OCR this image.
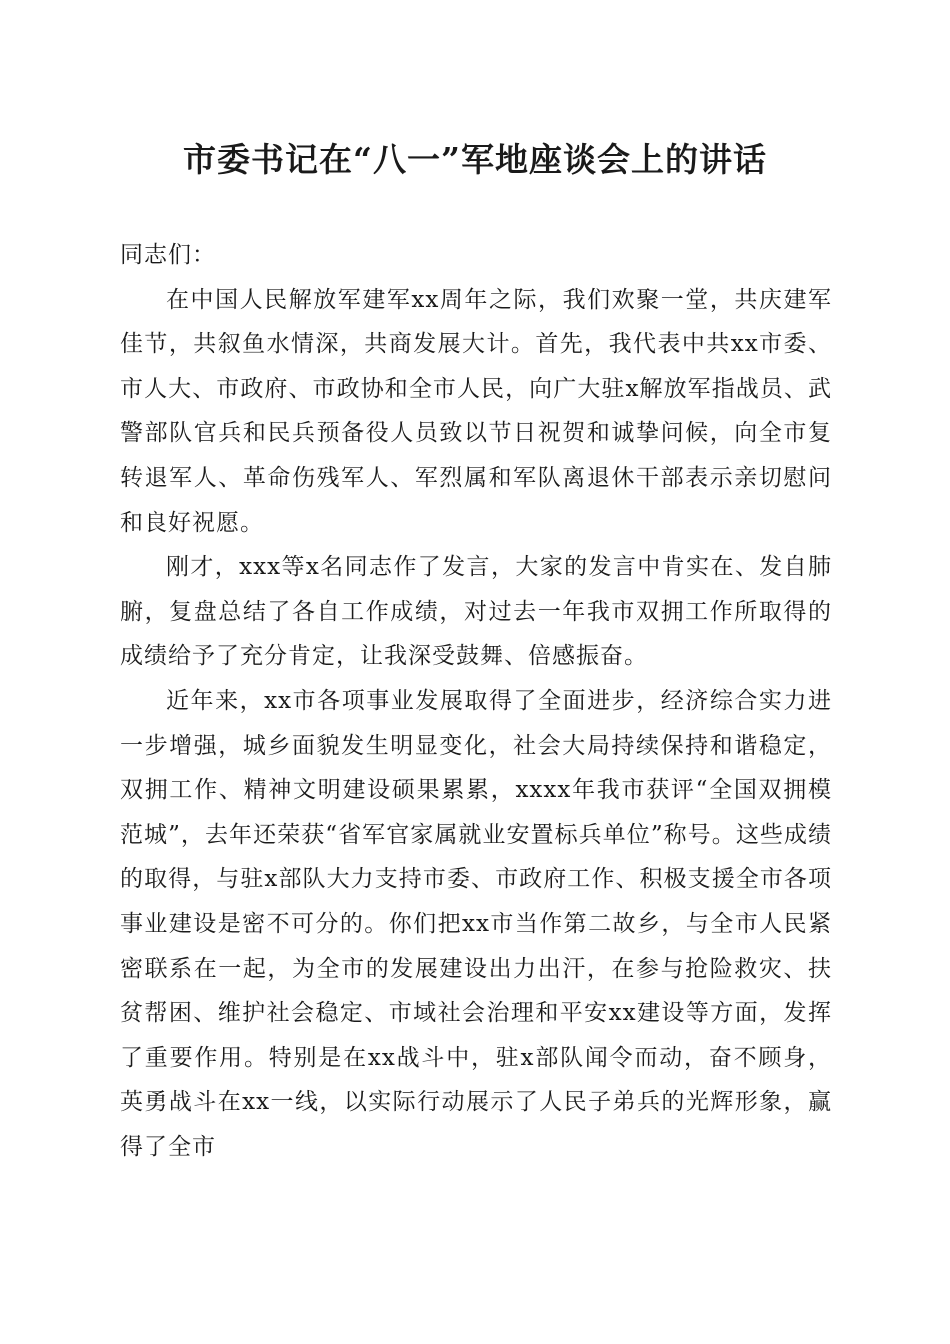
市委书记在“八一”军地座谈会上的讲话

同志们：

在中国人民解放军建军xx周年之际，我们欢聚一堂，共庆建军佳节，共叙鱼水情深，共商发展大计。首先，我代表中共xx市委、市人大、市政府、市政协和全市人民，向广大驻x解放军指战员、武警部队官兵和民兵预备役人员致以节日祝贺和诚挚问候，向全市复转退军人、革命伤残军人、军烈属和军队离退休干部表示亲切慰问和良好祝愿。

刚才，xxx等x名同志作了发言，大家的发言中肯实在、发自肺腑，复盘总结了各自工作成绩，对过去一年我市双拥工作所取得的成绩给予了充分肯定，让我深受鼓舞、倍感振奋。

近年来，xx市各项事业发展取得了全面进步，经济综合实力进一步增强，城乡面貌发生明显变化，社会大局持续保持和谐稳定，双拥工作、精神文明建设硕果累累，xxxx年我市获评“全国双拥模范城”，去年还荣获“省军官家属就业安置标兵单位”称号。这些成绩的取得，与驻x部队大力支持市委、市政府工作、积极支援全市各项事业建设是密不可分的。你们把xx市当作第二故乡，与全市人民紧密联系在一起，为全市的发展建设出力出汗，在参与抢险救灾、扶贫帮困、维护社会稳定、市域社会治理和平安xx建设等方面，发挥了重要作用。特别是在xx战斗中，驻x部队闻令而动，奋不顾身，英勇战斗在xx一线，以实际行动展示了人民子弟兵的光辉形象，赢得了全市
